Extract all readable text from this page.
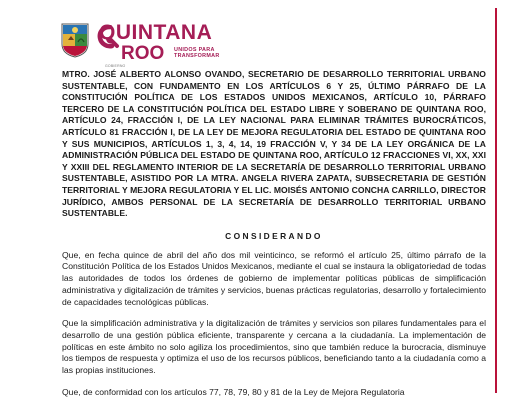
QUINTANA
ROO UNIDOS PARA TRANSFORMAR
GOBIERNO

MTRO. JOSÉ ALBERTO ALONSO OVANDO, SECRETARIO DE DESARROLLO TERRITORIAL URBANO SUSTENTABLE, CON FUNDAMENTO EN LOS ARTÍCULOS 6 Y 25, ÚLTIMO PÁRRAFO DE LA CONSTITUCIÓN POLÍTICA DE LOS ESTADOS UNIDOS MEXICANOS, ARTÍCULO 10, PÁRRAFO TERCERO DE LA CONSTITUCIÓN POLÍTICA DEL ESTADO LIBRE Y SOBERANO DE QUINTANA ROO, ARTÍCULO 24, FRACCIÓN I, DE LA LEY NACIONAL PARA ELIMINAR TRÁMITES BUROCRÁTICOS, ARTÍCULO 81 FRACCIÓN I, DE LA LEY DE MEJORA REGULATORIA DEL ESTADO DE QUINTANA ROO Y SUS MUNICIPIOS, ARTÍCULOS 1, 3, 4, 14, 19 FRACCIÓN V, Y 34 DE LA LEY ORGÁNICA DE LA ADMINISTRACIÓN PÚBLICA DEL ESTADO DE QUINTANA ROO, ARTÍCULO 12 FRACCIONES VI, XX, XXI Y XXIII DEL REGLAMENTO INTERIOR DE LA SECRETARÍA DE DESARROLLO TERRITORIAL URBANO SUSTENTABLE, ASISTIDO POR LA MTRA. ANGELA RIVERA ZAPATA, SUBSECRETARIA DE GESTIÓN TERRITORIAL Y MEJORA REGULATORIA Y EL LIC. MOISÉS ANTONIO CONCHA CARRILLO, DIRECTOR JURÍDICO, AMBOS PERSONAL DE LA SECRETARÍA DE DESARROLLO TERRITORIAL URBANO SUSTENTABLE.

CONSIDERANDO

Que, en fecha quince de abril del año dos mil veinticinco, se reformó el artículo 25, último párrafo de la Constitución Política de los Estados Unidos Mexicanos, mediante el cual se instaura la obligatoriedad de todas las autoridades de todos los órdenes de gobierno de implementar políticas públicas de simplificación administrativa y digitalización de trámites y servicios, buenas prácticas regulatorias, desarrollo y fortalecimiento de capacidades tecnológicas públicas.

Que la simplificación administrativa y la digitalización de trámites y servicios son pilares fundamentales para el desarrollo de una gestión pública eficiente, transparente y cercana a la ciudadanía. La implementación de políticas en este ámbito no solo agiliza los procedimientos, sino que también reduce la burocracia, disminuye los tiempos de respuesta y optimiza el uso de los recursos públicos, beneficiando tanto a la ciudadanía como a las propias instituciones.

Que, de conformidad con los artículos 77, 78, 79, 80 y 81 de la Ley de Mejora Regulatoria
